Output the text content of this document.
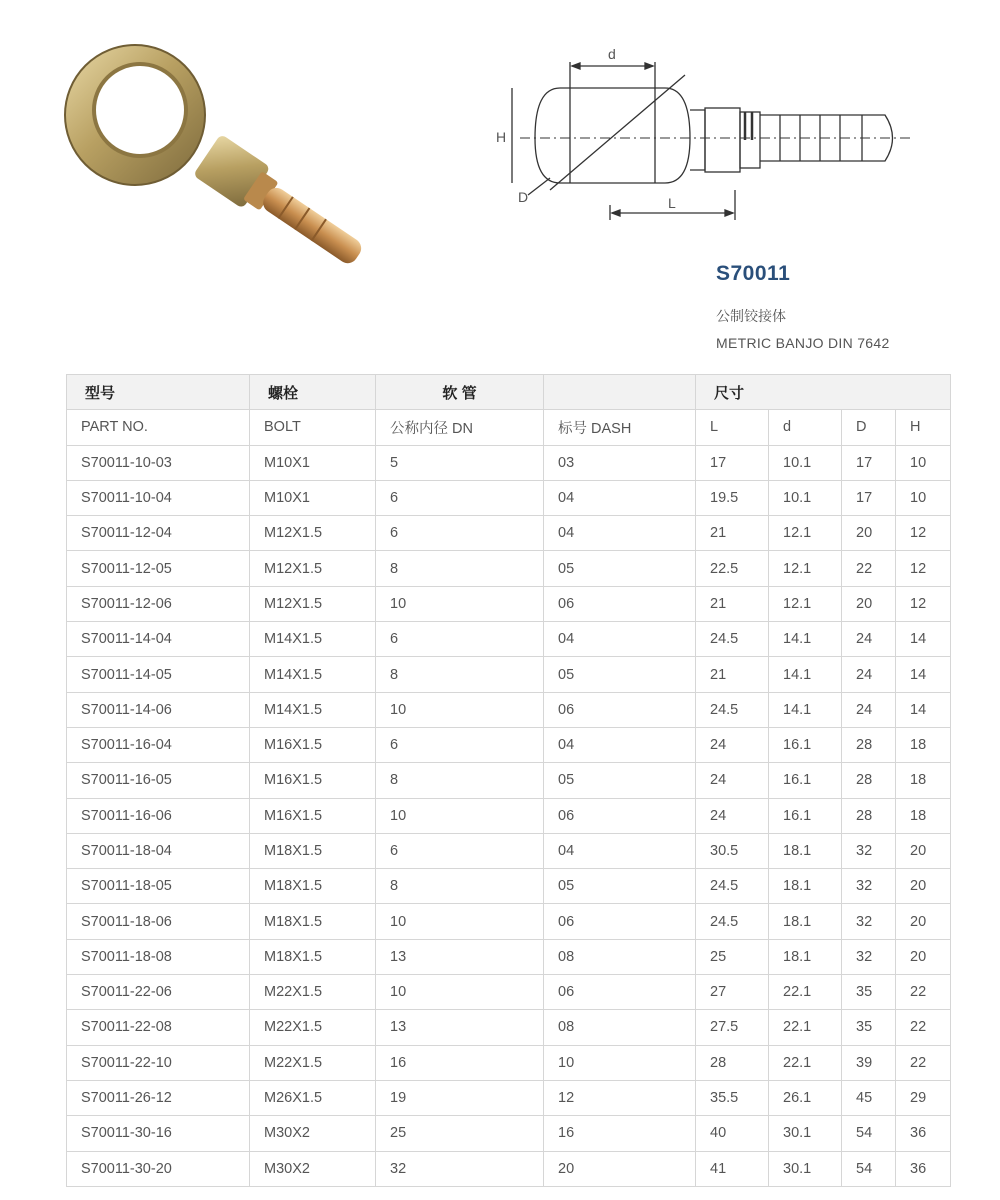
d
H
D	L
S70011
公制铰接体
METRIC BANJO DIN 7642
型号	螺栓	软 管		尺寸			
PART NO.	BOLT	公称内径 DN	标号 DASH	L	d	D	H
S70011-10-03	M10X1	5	03	17	10.1	17	10
S70011-10-04	M10X1	6	04	19.5	10.1	17	10
S70011-12-04	M12X1.5	6	04	21	12.1	20	12
S70011-12-05	M12X1.5	8	05	22.5	12.1	22	12
S70011-12-06	M12X1.5	10	06	21	12.1	20	12
S70011-14-04	M14X1.5	6	04	24.5	14.1	24	14
S70011-14-05	M14X1.5	8	05	21	14.1	24	14
S70011-14-06	M14X1.5	10	06	24.5	14.1	24	14
S70011-16-04	M16X1.5	6	04	24	16.1	28	18
S70011-16-05	M16X1.5	8	05	24	16.1	28	18
S70011-16-06	M16X1.5	10	06	24	16.1	28	18
S70011-18-04	M18X1.5	6	04	30.5	18.1	32	20
S70011-18-05	M18X1.5	8	05	24.5	18.1	32	20
S70011-18-06	M18X1.5	10	06	24.5	18.1	32	20
S70011-18-08	M18X1.5	13	08	25	18.1	32	20
S70011-22-06	M22X1.5	10	06	27	22.1	35	22
S70011-22-08	M22X1.5	13	08	27.5	22.1	35	22
S70011-22-10	M22X1.5	16	10	28	22.1	39	22
S70011-26-12	M26X1.5	19	12	35.5	26.1	45	29
S70011-30-16	M30X2	25	16	40	30.1	54	36
S70011-30-20	M30X2	32	20	41	30.1	54	36
